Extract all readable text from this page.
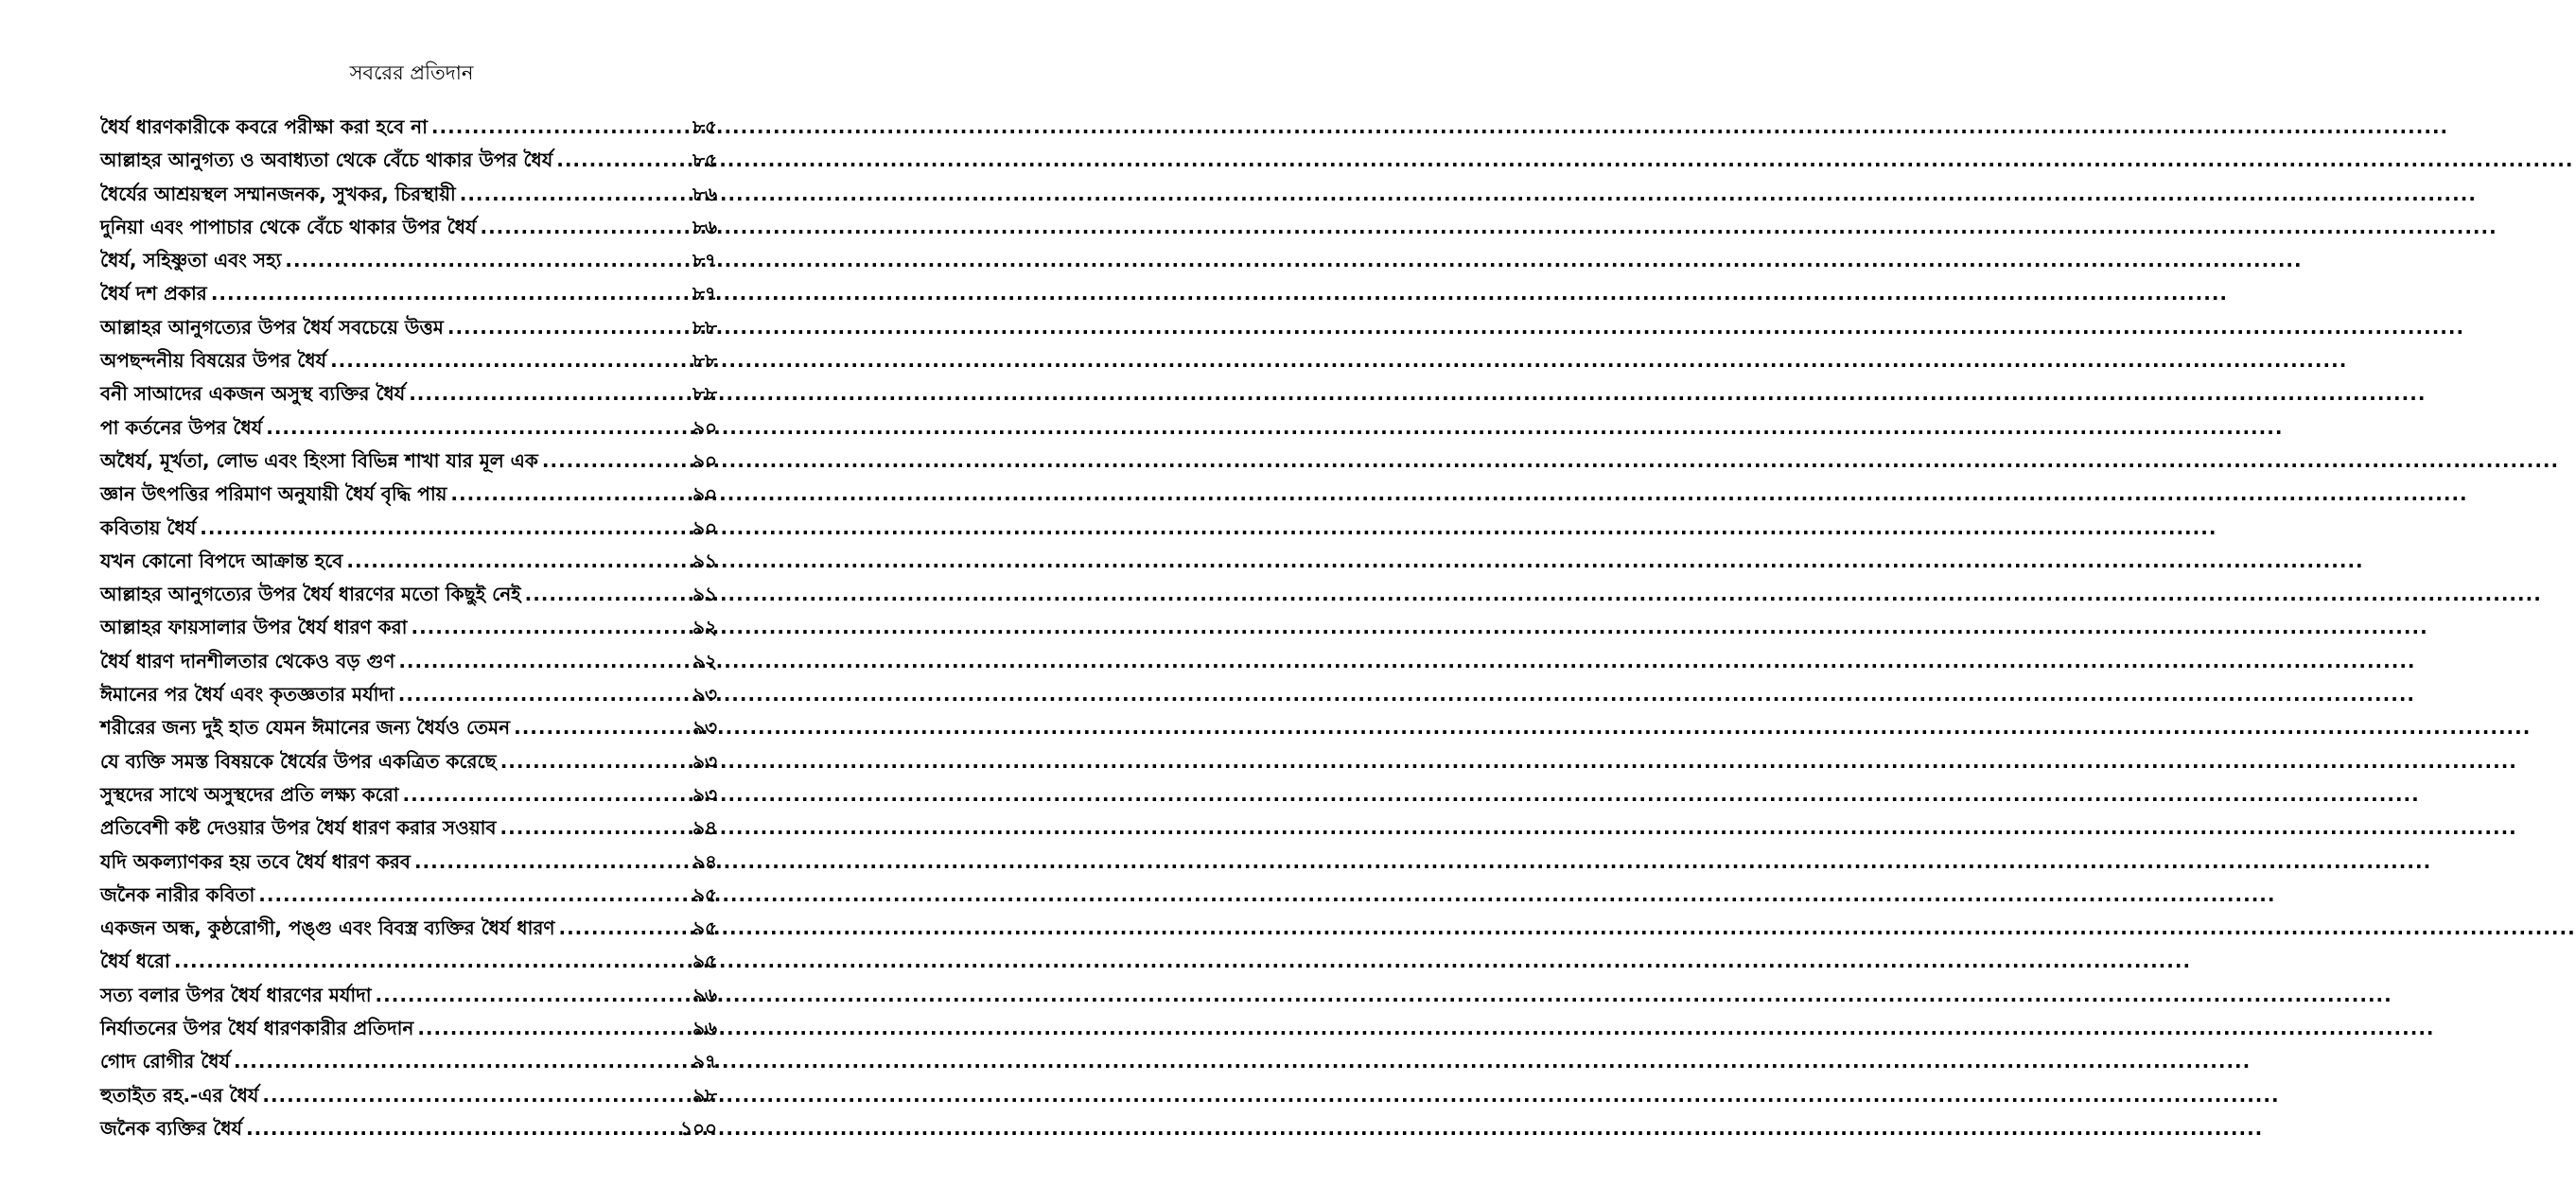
সবরের প্রতিদান
ধৈর্য ধারণকারীকে কবরে পরীক্ষা করা হবে না .....	৮৫
আল্লাহর আনুগত্য ও অবাধ্যতা থেকে বেঁচে থাকার উপর ধৈর্য .....	৮৫
ধৈর্যের আশ্রয়স্থল সম্মানজনক, সুখকর, চিরস্থায়ী .....	৮৬
দুনিয়া এবং পাপাচার থেকে বেঁচে থাকার উপর ধৈর্য .....	৮৬
ধৈর্য, সহিষ্ণুতা এবং সহ্য .....	৮৭
ধৈর্য দশ প্রকার .....	৮৭
আল্লাহর আনুগত্যের উপর ধৈর্য সবচেয়ে উত্তম .....	৮৮
অপছন্দনীয় বিষয়ের উপর ধৈর্য .....	৮৮
বনী সাআদের একজন অসুস্থ ব্যক্তির ধৈর্য .....	৮৮
পা কর্তনের উপর ধৈর্য .....	৯০
অধৈর্য, মূর্খতা, লোভ এবং হিংসা বিভিন্ন শাখা যার মূল এক .....	৯০
জ্ঞান উৎপত্তির পরিমাণ অনুযায়ী ধৈর্য বৃদ্ধি পায় .....	৯০
কবিতায় ধৈর্য .....	৯০
যখন কোনো বিপদে আক্রান্ত হবে .....	৯১
আল্লাহর আনুগত্যের উপর ধৈর্য ধারণের মতো কিছুই নেই .....	৯১
আল্লাহর ফায়সালার উপর ধৈর্য ধারণ করা .....	৯২
ধৈর্য ধারণ দানশীলতার থেকেও বড় গুণ .....	৯২
ঈমানের পর ধৈর্য এবং কৃতজ্ঞতার মর্যাদা .....	৯৩
শরীরের জন্য দুই হাত যেমন ঈমানের জন্য ধৈর্যও তেমন .....	৯৩
যে ব্যক্তি সমস্ত বিষয়কে ধৈর্যের উপর একত্রিত করেছে .....	৯৩
সুস্থদের সাথে অসুস্থদের প্রতি লক্ষ্য করো .....	৯৩
প্রতিবেশী কষ্ট দেওয়ার উপর ধৈর্য ধারণ করার সওয়াব .....	৯৪
যদি অকল্যাণকর হয় তবে ধৈর্য ধারণ করব .....	৯৪
জনৈক নারীর কবিতা .....	৯৫
একজন অন্ধ, কুষ্ঠরোগী, পঙ্গু এবং বিবস্ত্র ব্যক্তির ধৈর্য ধারণ .....	৯৫
ধৈর্য ধরো .....	৯৫
সত্য বলার উপর ধৈর্য ধারণের মর্যাদা .....	৯৬
নির্যাতনের উপর ধৈর্য ধারণকারীর প্রতিদান .....	৯৬
গোদ রোগীর ধৈর্য .....	৯৭
হুতাইত রহ.-এর ধৈর্য .....	৯৮
জনৈক ব্যক্তির ধৈর্য .....	১০০
